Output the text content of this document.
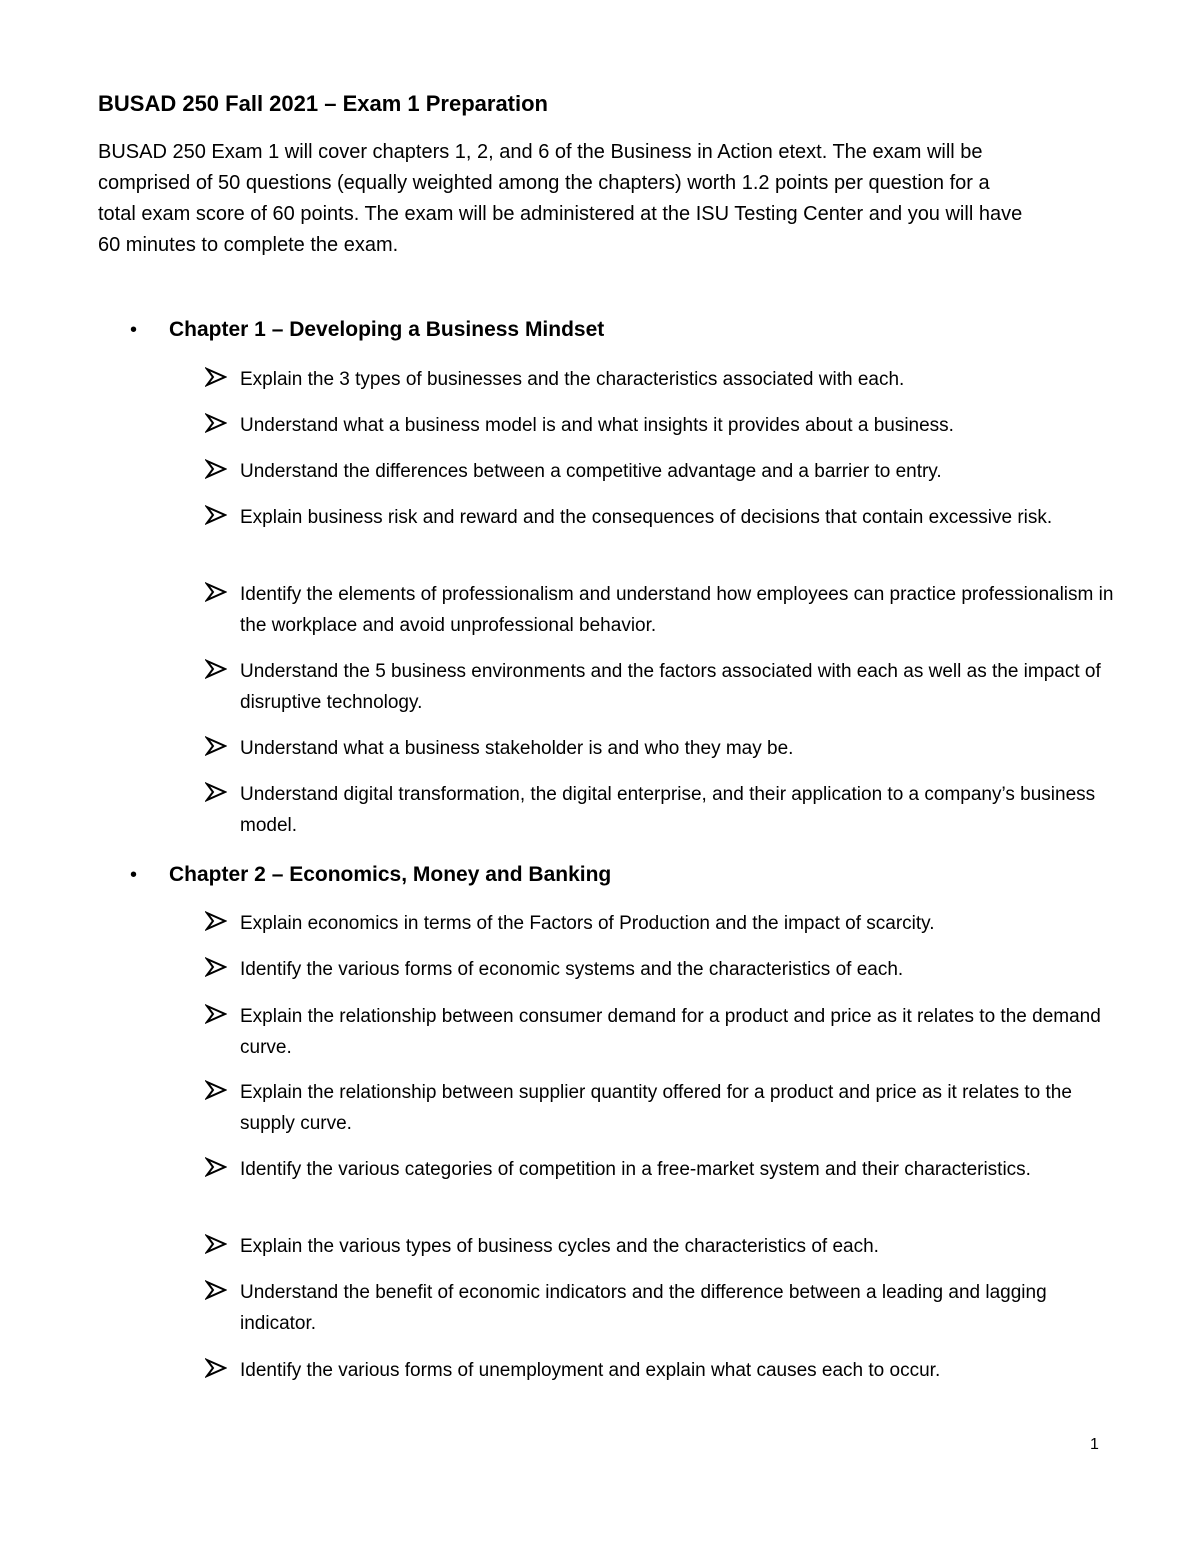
BUSAD 250 Fall 2021 – Exam 1 Preparation
BUSAD 250 Exam 1 will cover chapters 1, 2, and 6 of the Business in Action etext. The exam will be
comprised of 50 questions (equally weighted among the chapters) worth 1.2 points per question for a
total exam score of 60 points. The exam will be administered at the ISU Testing Center and you will have
60 minutes to complete the exam.
• Chapter 1 – Developing a Business Mindset
Explain the 3 types of businesses and the characteristics associated with each.
Understand what a business model is and what insights it provides about a business.
Understand the differences between a competitive advantage and a barrier to entry.
Explain business risk and reward and the consequences of decisions that contain excessive risk.
Identify the elements of professionalism and understand how employees can practice professionalism in the workplace and avoid unprofessional behavior.
Understand the 5 business environments and the factors associated with each as well as the impact of disruptive technology.
Understand what a business stakeholder is and who they may be.
Understand digital transformation, the digital enterprise, and their application to a company’s business model.
• Chapter 2 – Economics, Money and Banking
Explain economics in terms of the Factors of Production and the impact of scarcity.
Identify the various forms of economic systems and the characteristics of each.
Explain the relationship between consumer demand for a product and price as it relates to the demand curve.
Explain the relationship between supplier quantity offered for a product and price as it relates to the supply curve.
Identify the various categories of competition in a free-market system and their characteristics.
Explain the various types of business cycles and the characteristics of each.
Understand the benefit of economic indicators and the difference between a leading and lagging indicator.
Identify the various forms of unemployment and explain what causes each to occur.
1
